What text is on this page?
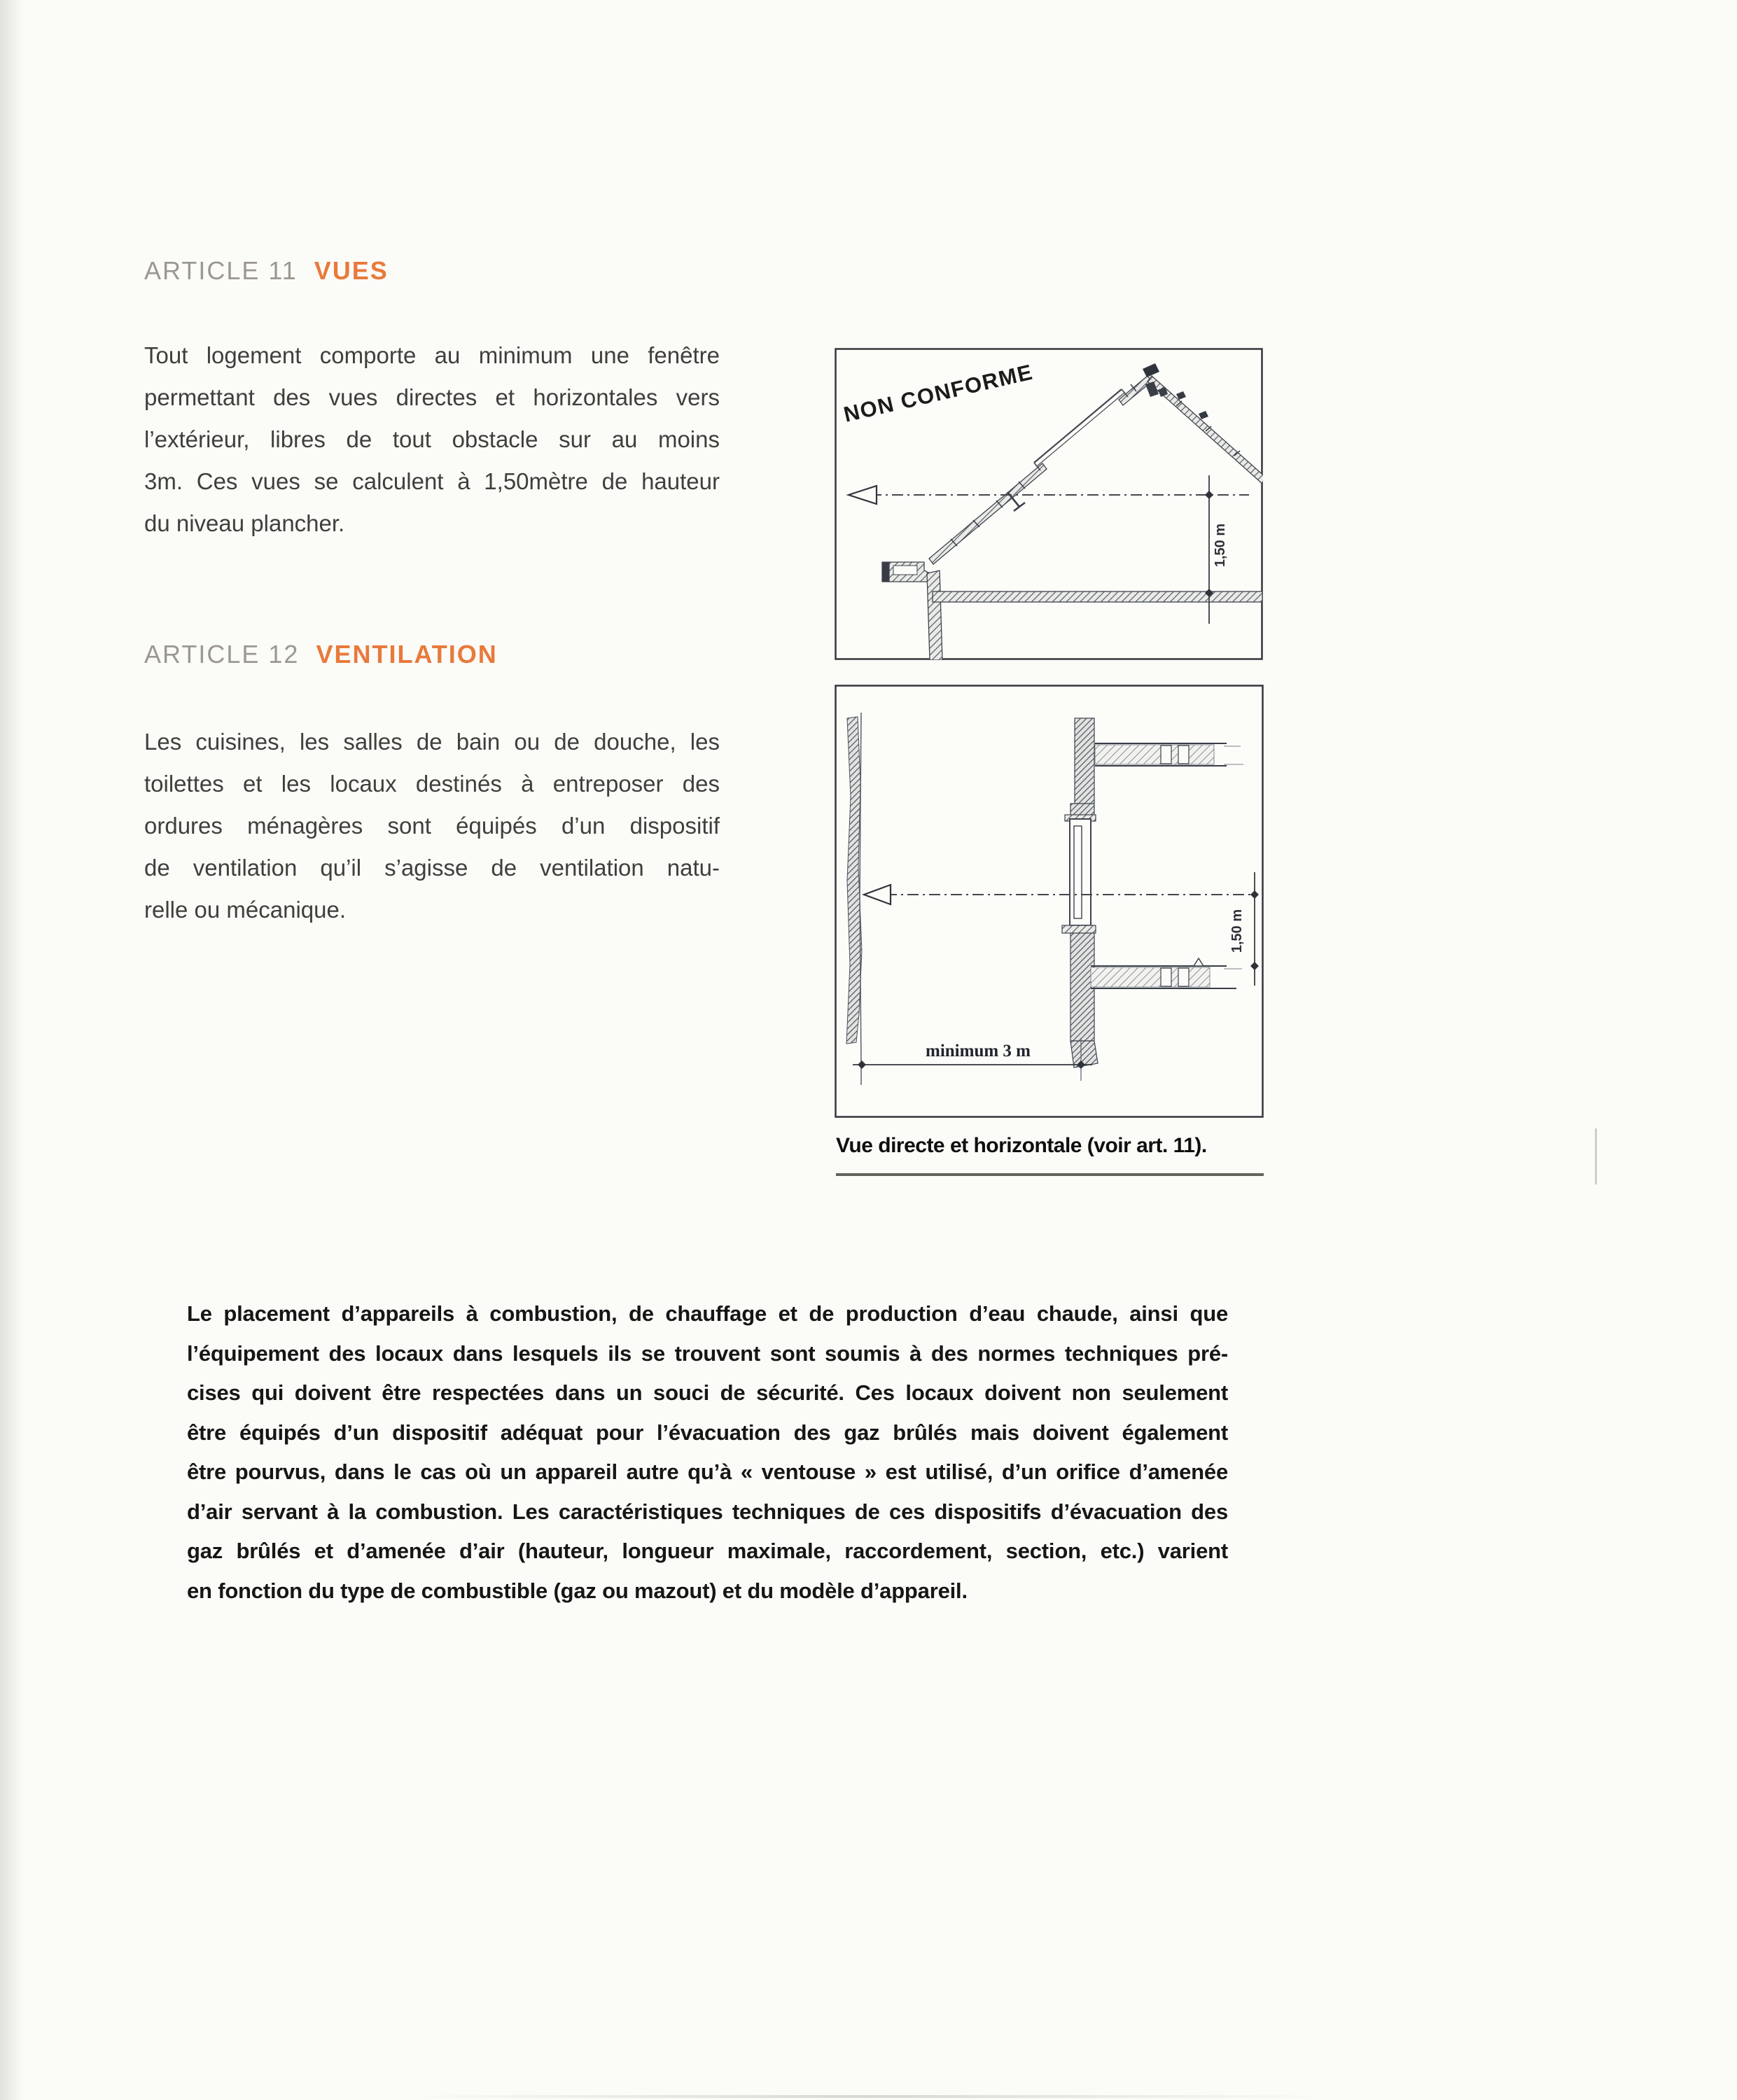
ARTICLE 11 VUES
Tout logement comporte au minimum une fenêtre
permettant des vues directes et horizontales vers
l’extérieur, libres de tout obstacle sur au moins
3m. Ces vues se calculent à 1,50mètre de hauteur
du niveau plancher.
ARTICLE 12 VENTILATION
Les cuisines, les salles de bain ou de douche, les
toilettes et les locaux destinés à entreposer des
ordures ménagères sont équipés d’un dispositif
de ventilation qu’il s’agisse de ventilation natu-
relle ou mécanique.
NON CONFORME
1,50 m
1,50 m
minimum 3 m
Vue directe et horizontale (voir art. 11).
Le placement d’appareils à combustion, de chauffage et de production d’eau chaude, ainsi que
l’équipement des locaux dans lesquels ils se trouvent sont soumis à des normes techniques pré-
cises qui doivent être respectées dans un souci de sécurité. Ces locaux doivent non seulement
être équipés d’un dispositif adéquat pour l’évacuation des gaz brûlés mais doivent également
être pourvus, dans le cas où un appareil autre qu’à « ventouse » est utilisé, d’un orifice d’amenée
d’air servant à la combustion. Les caractéristiques techniques de ces dispositifs d’évacuation des
gaz brûlés et d’amenée d’air (hauteur, longueur maximale, raccordement, section, etc.) varient
en fonction du type de combustible (gaz ou mazout) et du modèle d’appareil.
